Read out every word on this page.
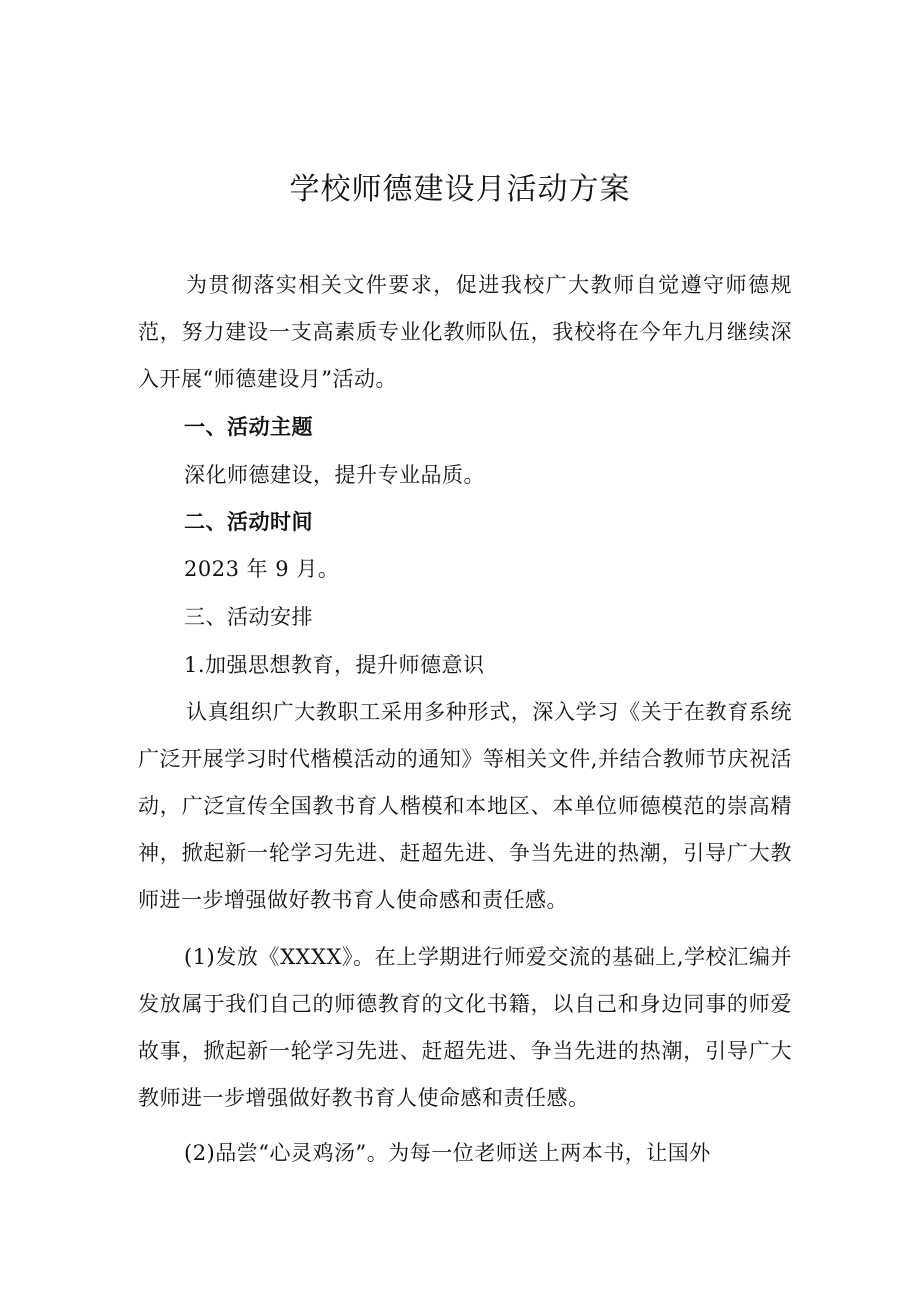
学校师德建设月活动方案

为贯彻落实相关文件要求，促进我校广大教师自觉遵守师德规范，努力建设一支高素质专业化教师队伍，我校将在今年九月继续深入开展“师德建设月”活动。

一、活动主题

深化师德建设，提升专业品质。

二、活动时间

2023 年 9 月。

三、活动安排

1.加强思想教育，提升师德意识

认真组织广大教职工采用多种形式，深入学习《关于在教育系统广泛开展学习时代楷模活动的通知》等相关文件,并结合教师节庆祝活动，广泛宣传全国教书育人楷模和本地区、本单位师德模范的崇高精神，掀起新一轮学习先进、赶超先进、争当先进的热潮，引导广大教师进一步增强做好教书育人使命感和责任感。

(1)发放《XXXX》。在上学期进行师爱交流的基础上,学校汇编并发放属于我们自己的师德教育的文化书籍，以自己和身边同事的师爱故事，掀起新一轮学习先进、赶超先进、争当先进的热潮，引导广大教师进一步增强做好教书育人使命感和责任感。

(2)品尝“心灵鸡汤”。为每一位老师送上两本书，让国外
